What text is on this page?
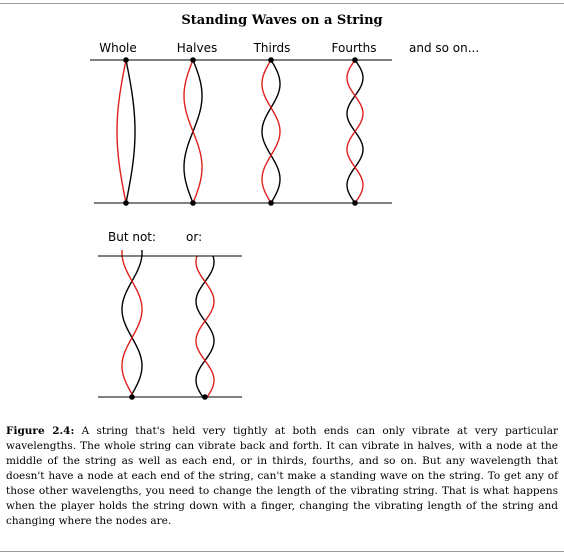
Standing Waves on a String
Whole	Halves	Thirds	Fourths	and so on...
But not: or:
Figure 2.4: A string that's held very tightly at both ends can only vibrate at very particular wavelengths. The whole string can vibrate back and forth. It can vibrate in halves, with a node at the middle of the string as well as each end, or in thirds, fourths, and so on. But any wavelength that doesn't have a node at each end of the string, can't make a standing wave on the string. To get any of those other wavelengths, you need to change the length of the vibrating string. That is what happens when the player holds the string down with a finger, changing the vibrating length of the string and changing where the nodes are.
